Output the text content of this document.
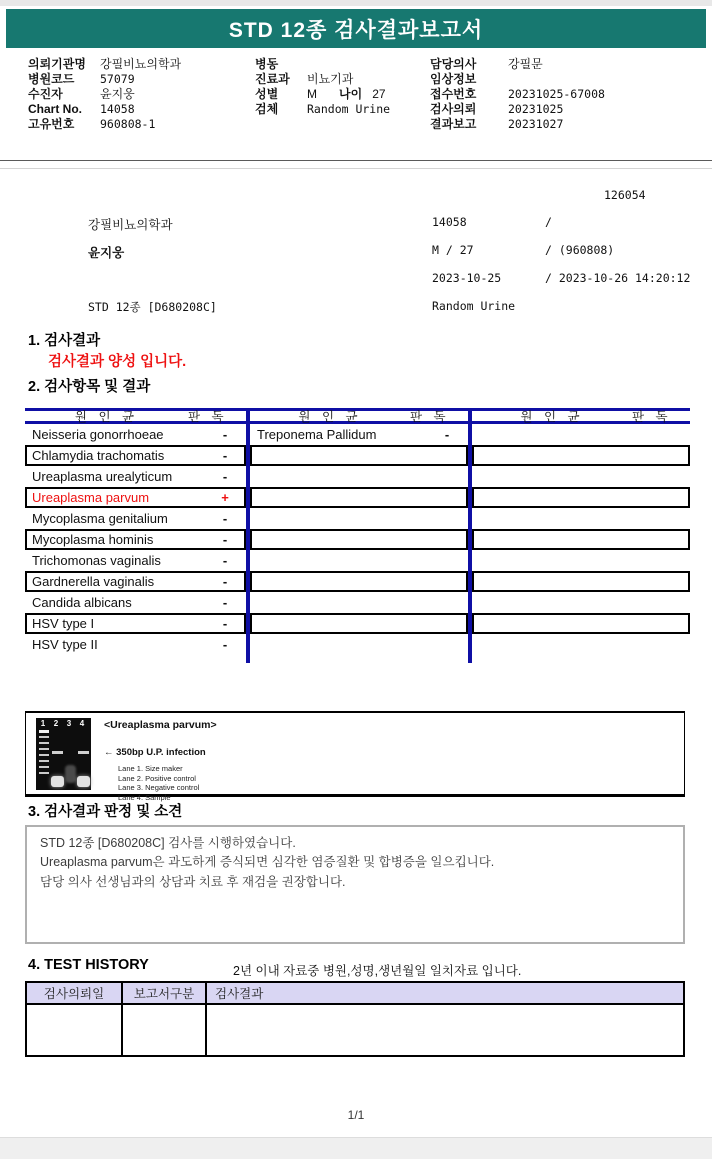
STD 12종 검사결과보고서
의뢰기관명	강필비뇨의학과
병원코드	57079
수진자	윤지웅
Chart No.	14058
고유번호	960808-1
병동
진료과	비뇨기과
성별	M 나이 27
검체	Random Urine
담당의사	강필문
임상정보
접수번호	20231025-67008
검사의뢰	20231025
결과보고	20231027
126054
강필비뇨의학과	14058	/
윤지웅	M / 27	/ (960808)
2023-10-25	/ 2023-10-26 14:20:12
STD 12종 [D680208C]	Random Urine
1. 검사결과
검사결과 양성 입니다.
2. 검사항목 및 결과
원 인 균	판 독
Neisseria gonorrhoeae	-
Chlamydia trachomatis	-
Ureaplasma urealyticum	-
Ureaplasma parvum	+
Mycoplasma genitalium	-
Mycoplasma hominis	-
Trichomonas vaginalis	-
Gardnerella vaginalis	-
Candida albicans	-
HSV type I	-
HSV type II	-
원 인 균	판 독
Treponema Pallidum	-
원 인 균	판 독
1	2	3	4	<Ureaplasma parvum>
← 350bp U.P. infection
Lane 1. Size maker
Lane 2. Positive control
Lane 3. Negative control
Lane 4. Sample
3. 검사결과 판정 및 소견
STD 12종 [D680208C] 검사를 시행하였습니다.
Ureaplasma parvum은 과도하게 증식되면 심각한 염증질환 및 합병증을 일으킵니다.
담당 의사 선생님과의 상담과 치료 후 재검을 권장합니다.
4. TEST HISTORY	2년 이내 자료중 병원,성명,생년월일 일치자료 입니다.
검사의뢰일	보고서구분	검사결과
1/1
